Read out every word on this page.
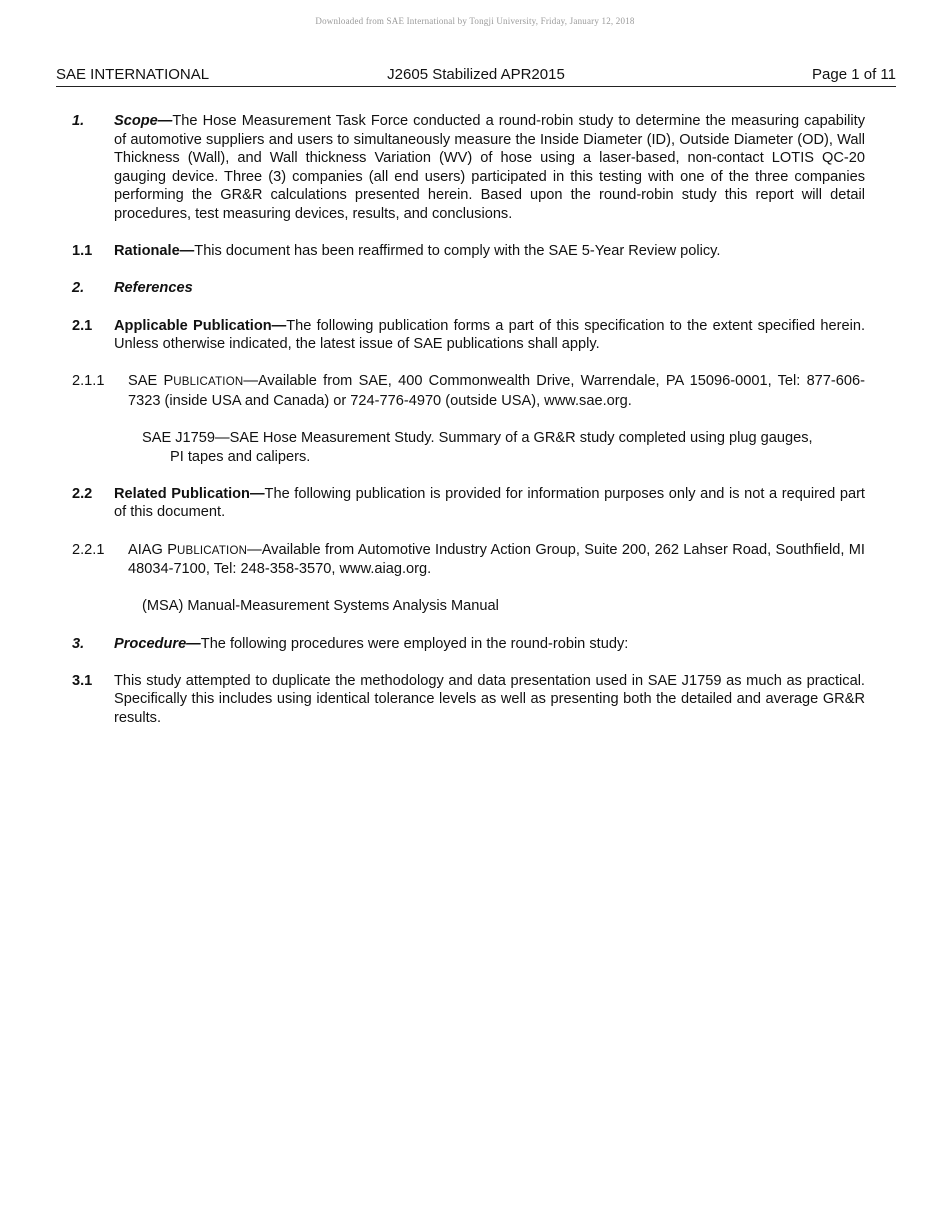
Downloaded from SAE International by Tongji University, Friday, January 12, 2018
SAE INTERNATIONAL	J2605 Stabilized APR2015	Page 1 of 11
1.	Scope—The Hose Measurement Task Force conducted a round-robin study to determine the measuring capability of automotive suppliers and users to simultaneously measure the Inside Diameter (ID), Outside Diameter (OD), Wall Thickness (Wall), and Wall thickness Variation (WV) of hose using a laser-based, non-contact LOTIS QC-20 gauging device. Three (3) companies (all end users) participated in this testing with one of the three companies performing the GR&R calculations presented herein. Based upon the round-robin study this report will detail procedures, test measuring devices, results, and conclusions.
1.1	Rationale—This document has been reaffirmed to comply with the SAE 5-Year Review policy.
2.	References
2.1	Applicable Publication—The following publication forms a part of this specification to the extent specified herein. Unless otherwise indicated, the latest issue of SAE publications shall apply.
2.1.1	SAE PUBLICATION—Available from SAE, 400 Commonwealth Drive, Warrendale, PA 15096-0001, Tel: 877-606-7323 (inside USA and Canada) or 724-776-4970 (outside USA), www.sae.org.
SAE J1759—SAE Hose Measurement Study. Summary of a GR&R study completed using plug gauges,
PI tapes and calipers.
2.2	Related Publication—The following publication is provided for information purposes only and is not a required part of this document.
2.2.1	AIAG PUBLICATION—Available from Automotive Industry Action Group, Suite 200, 262 Lahser Road, Southfield, MI 48034-7100, Tel: 248-358-3570, www.aiag.org.
(MSA) Manual-Measurement Systems Analysis Manual
3.	Procedure—The following procedures were employed in the round-robin study:
3.1	This study attempted to duplicate the methodology and data presentation used in SAE J1759 as much as practical. Specifically this includes using identical tolerance levels as well as presenting both the detailed and average GR&R results.
